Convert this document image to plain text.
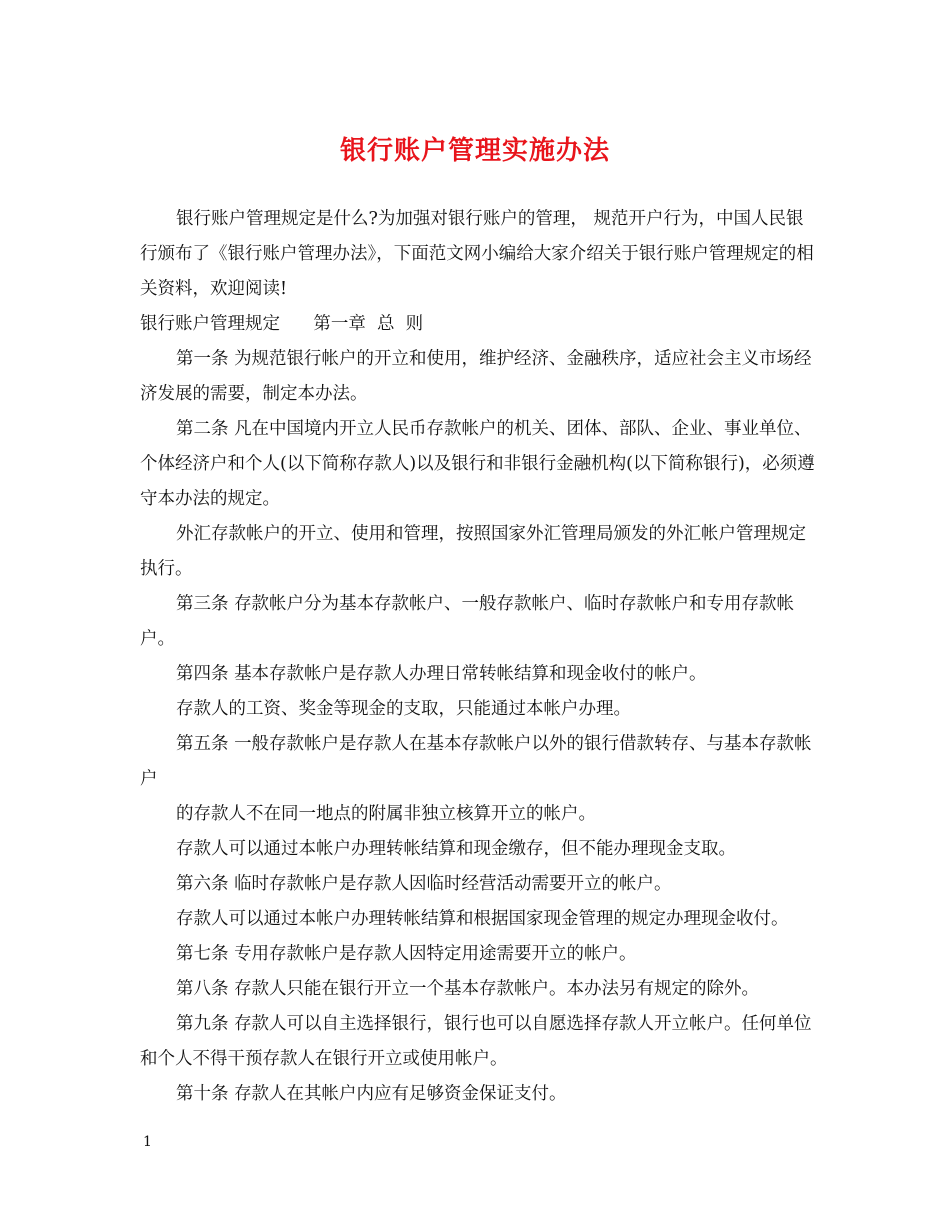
银行账户管理实施办法

银行账户管理规定是什么?为加强对银行账户的管理， 规范开户行为，中国人民银行颁布了《银行账户管理办法》，下面范文网小编给大家介绍关于银行账户管理规定的相关资料，欢迎阅读!

银行账户管理规定      第一章  总  则

第一条 为规范银行帐户的开立和使用，维护经济、金融秩序，适应社会主义市场经济发展的需要，制定本办法。

第二条 凡在中国境内开立人民币存款帐户的机关、团体、部队、企业、事业单位、个体经济户和个人(以下简称存款人)以及银行和非银行金融机构(以下简称银行)，必须遵守本办法的规定。

外汇存款帐户的开立、使用和管理，按照国家外汇管理局颁发的外汇帐户管理规定执行。

第三条 存款帐户分为基本存款帐户、一般存款帐户、临时存款帐户和专用存款帐户。

第四条 基本存款帐户是存款人办理日常转帐结算和现金收付的帐户。

存款人的工资、奖金等现金的支取，只能通过本帐户办理。

第五条 一般存款帐户是存款人在基本存款帐户以外的银行借款转存、与基本存款帐户

的存款人不在同一地点的附属非独立核算开立的帐户。

存款人可以通过本帐户办理转帐结算和现金缴存，但不能办理现金支取。

第六条 临时存款帐户是存款人因临时经营活动需要开立的帐户。

存款人可以通过本帐户办理转帐结算和根据国家现金管理的规定办理现金收付。

第七条 专用存款帐户是存款人因特定用途需要开立的帐户。

第八条 存款人只能在银行开立一个基本存款帐户。本办法另有规定的除外。

第九条 存款人可以自主选择银行，银行也可以自愿选择存款人开立帐户。任何单位和个人不得干预存款人在银行开立或使用帐户。

第十条 存款人在其帐户内应有足够资金保证支付。

1
